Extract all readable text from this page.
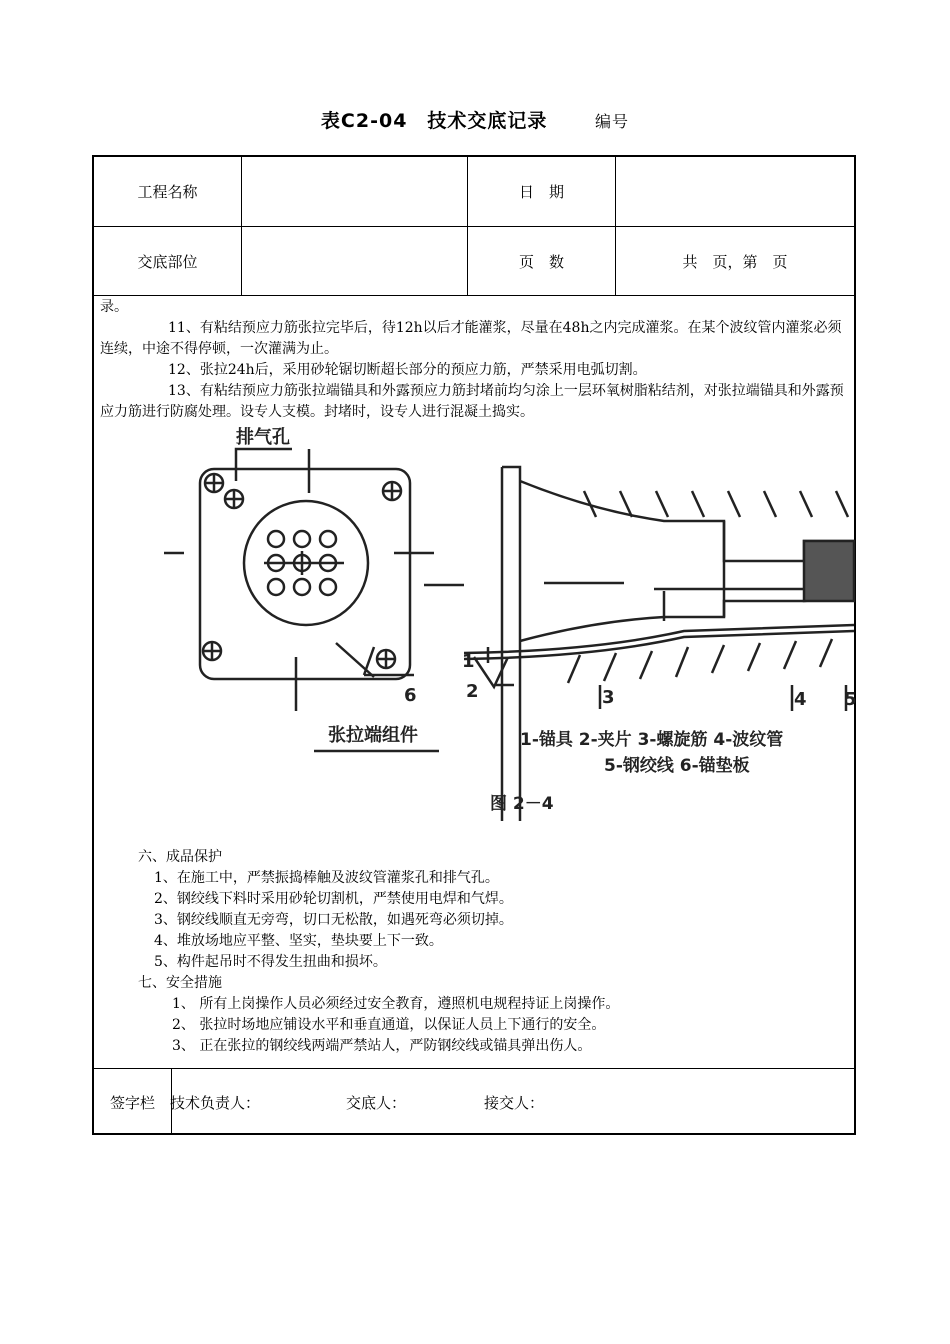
表C2-04　技术交底记录	编号
工程名称	日　期
交底部位	页　数	共　页，第　页

录。

11、有粘结预应力筋张拉完毕后，待12h以后才能灌浆，尽量在48h之内完成灌浆。在某个波纹管内灌浆必须连续，中途不得停顿，一次灌满为止。

12、张拉24h后，采用砂轮锯切断超长部分的预应力筋，严禁采用电弧切割。

13、有粘结预应力筋张拉端锚具和外露预应力筋封堵前均匀涂上一层环氧树脂粘结剂，对张拉端锚具和外露预应力筋进行防腐处理。设专人支模。封堵时，设专人进行混凝土捣实。

排气孔
6
张拉端组件
1
2	3	4 5
1-锚具 2-夹片 3-螺旋筋 4-波纹管
5-钢绞线 6-锚垫板
图 2－4

六、成品保护

1、在施工中，严禁振捣棒触及波纹管灌浆孔和排气孔。

2、钢绞线下料时采用砂轮切割机，严禁使用电焊和气焊。

3、钢绞线顺直无旁弯，切口无松散，如遇死弯必须切掉。

4、堆放场地应平整、坚实，垫块要上下一致。

5、构件起吊时不得发生扭曲和损坏。

七、安全措施

1、 所有上岗操作人员必须经过安全教育，遵照机电规程持证上岗操作。

2、 张拉时场地应铺设水平和垂直通道，以保证人员上下通行的安全。

3、 正在张拉的钢绞线两端严禁站人，严防钢绞线或锚具弹出伤人。

签字栏 技术负责人：	交底人：	接交人：
